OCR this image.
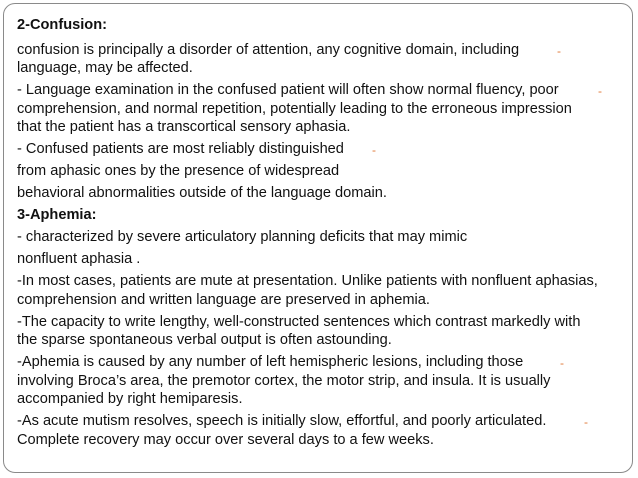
2-Confusion:
confusion is principally a disorder of attention, any cognitive domain, including	-

language, may be affected.
- Language examination in the confused patient will often show normal fluency, poor	-

comprehension, and normal repetition, potentially leading to the erroneous impression
that the patient has a transcortical sensory aphasia.
- Confused patients are most reliably distinguished -
from aphasic ones by the presence of widespread
behavioral abnormalities outside of the language domain.
3-Aphemia:
- characterized by severe articulatory planning deficits that may mimic
nonfluent aphasia .
-In most cases, patients are mute at presentation. Unlike patients with nonfluent aphasias,
comprehension and written language are preserved in aphemia.
-The capacity to write lengthy, well-constructed sentences which contrast markedly with
the sparse spontaneous verbal output is often astounding.
-Aphemia is caused by any number of left hemispheric lesions, including those	-

involving Broca’s area, the premotor cortex, the motor strip, and insula. It is usually
accompanied by right hemiparesis.
-As acute mutism resolves, speech is initially slow, effortful, and poorly articulated.	-

Complete recovery may occur over several days to a few weeks.
